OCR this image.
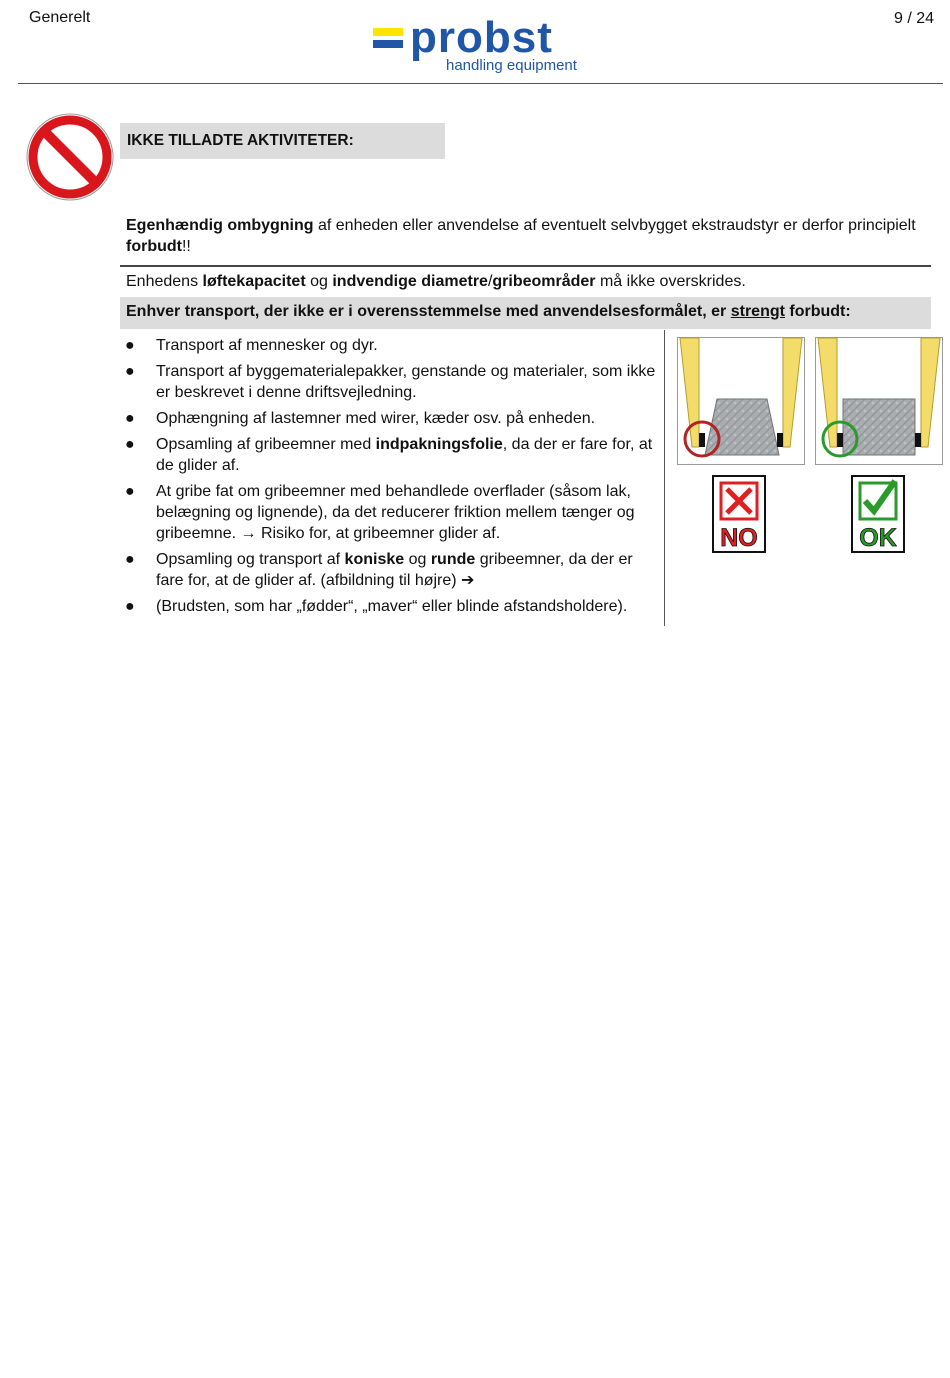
Generelt	probst
handling equipment
9 / 24
IKKE TILLADTE AKTIVITETER:
Egenhændig ombygning af enheden eller anvendelse af eventuelt selvbygget ekstraudstyr er derfor principielt forbudt!!
Enhedens løftekapacitet og indvendige diametre/gribeområder må ikke overskrides.
Enhver transport, der ikke er i overensstemmelse med anvendelsesformålet, er strengt forbudt:
● Transport af mennesker og dyr.
● Transport af byggematerialepakker, genstande og materialer, som ikke er beskrevet i denne driftsvejledning.
● Ophængning af lastemner med wirer, kæder osv. på enheden.
● Opsamling af gribeemner med indpakningsfolie, da der er fare for, at de glider af.
● At gribe fat om gribeemner med behandlede overflader (såsom lak, belægning og lignende), da det reducerer friktion mellem tænger og gribeemne. → Risiko for, at gribeemner glider af.
● Opsamling og transport af koniske og runde gribeemner, da der er fare for, at de glider af. (afbildning til højre) ➔
● (Brudsten, som har „fødder“, „maver“ eller blinde afstandsholdere).
NO	OK
